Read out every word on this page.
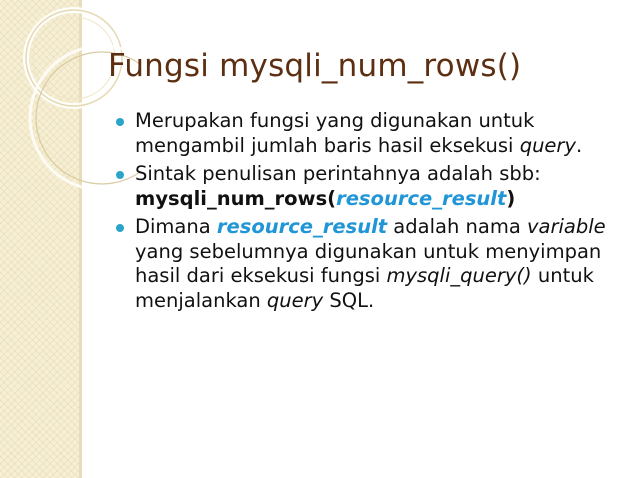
Fungsi mysqli_num_rows()
Merupakan fungsi yang digunakan untuk mengambil jumlah baris hasil eksekusi query.
Sintak penulisan perintahnya adalah sbb:
mysqli_num_rows(resource_result)
Dimana resource_result adalah nama variable yang sebelumnya digunakan untuk menyimpan hasil dari eksekusi fungsi mysqli_query() untuk menjalankan query SQL.
